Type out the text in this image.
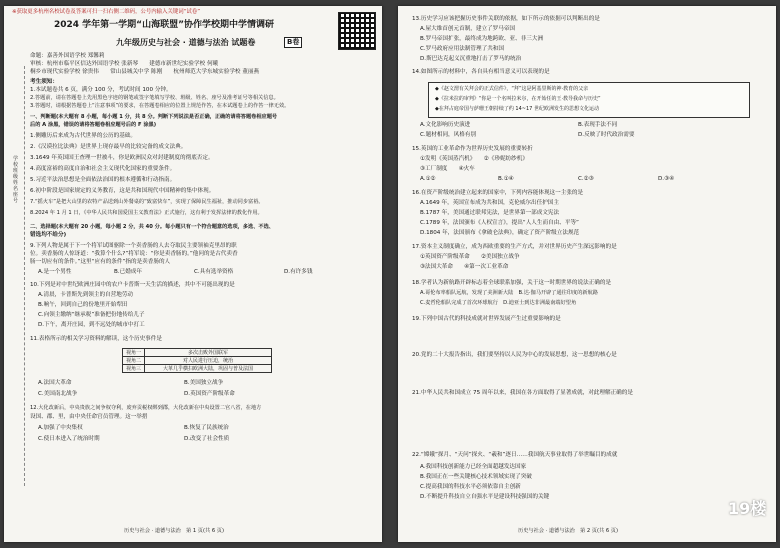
※获取更多杭州名校试卷及答案可扫一扫右侧二维码，公号内输入关键词“试卷”
2024 学年第一学期“山海联盟”协作学校期中学情调研
九年级历史与社会 · 道德与法治 试题卷	B卷
学校班级姓名座号
命题：嘉善外国语学校 郑馨莉
审核：杭州市临平区信达外国语学校 张新琴　　建德市新世纪实验学校 何曦
桐乡市现代实验学校 徐贵伟　　常山县城关中学 陈刚　　杭州师范大学东城实验学校 董丽燕
考生须知：
1.本试题卷共 6 页，满分 100 分，考试时间 100 分钟。
2.答题前，请在答题卷上先用黑色字迹的钢笔或签字笔填写学校、班级、姓名、座号及准考证号等相关信息。
3.答题时，请根据答题卷上“注意事项”的要求，在答题卷相应的位置上规范作答，在本试题卷上的作答一律无效。
一、判断题(本大题有 8 小题，每小题 1 分，共 8 分。判断下列说法是否正确，正确的请将答题卷相应题号
后的 A 涂黑，错误的请将答题卷相应题号后的 F 涂黑)
1.侧雕历后来成为古代世界的公历的基础。
2.《汉谟拉比法典》是世界上现存最早的比较完备的成文法典。
3.1649 年英国国王查理一世被斗，你是欧洲民众对封建制度的彻底否定。
4.高度富裕的高度自治和社会主义现代化国家的重要条件。
5.习近平法治思想是全面依法治国的根本遵循和行动指南。
6.初中阶段是国家规定的义务教育，这是共和国现代中国精神的集中体现。
7.“摇火车”是把大山里的农特产品送到山外餐桌的“致富快车”，实现了保障民生福祉，推动同步富裕。
8.2024 年 1 月 1 日，《中华人民共和国爱国主义教育法》正式施行，这有利于发挥法律的教化作用。
二、选择题(本大题有 20 小题，每小题 2 分，共 40 分。每小题只有一个符合题意的选项，多选、不选、
错选均不给分)
9.下列人物是属于下一个将军试图驱除一个卖香肠的人去夺取民主要领袖克里昂的职
位。卖香肠的人惊讶道：“我算个什么?”将军说：“你是卖香肠的。”他问的是古代卖香
肠一切应有的条件。”这里“应有的条件”指的是卖香肠的人
A.是一个男性	B.已婚成年	C.具有选举资格	D.有许多钱
10.下列是对中世纪欧洲庄园中的农户卡普斯一天生活的描述，其中不可能出现的是
A.清晨，卡普斯先到领主的自营地劳动
B.晌午，回到自己的份地里开始犁田
C.向领主缴纳“继承税”准备把份地传给儿子
D.下午，离开庄园，到不远处的城市中打工
11.表格所示的相关学习资料的解读，这个历史事件是
视角一	多次击败外国联军
视角二	对人民进行压迫，统治
视角三	大革几乎横扫欧洲大陆，巩固与普及法国
A.法国大革命	B.美国独立战争
C.美国南北战争	D.英国资产阶级革命
12.大化改新后，中央贵族之间争权夺利，废弃贡税权绑到郡，大化改新在中央设置二官八省，在地方
设国、郡、里，由中央任命官员管理。这一举措
A.加强了中央集权	B.恢复了民族统治
C.使日本进入了统治时期	D.改变了社会性质
历史与社会 · 道德与法治　第 1 页(共 6 页)
13.历史学习应该把握历史事件关联的依据，如下所示的依据可以判断出的是
A.屋大维首创元首制，建立了罗马帝国
B.罗马帝国扩张，最终成为地跨欧、亚、非三大洲
C.罗马政府应用法制管理了共和国
D.斯巴达克起义沉重地打击了罗马的统治
14.如图所示的材料中，各自具有相当意义可以表现的是
◆《赵文渭有关拜会的正式信件》，“拜”这是阿基里斯的神·教育的父亲
◆《拉米拉的审判》“你是一个名叫拉米尔，在开始任的王·教导我命与历史”
◆在拜占庭帝国与萨珊王朝持续了约 14~17 世纪欧洲发生的思想文化运动
A.文化影响历史演进	B.表现手法不同
C.题材相同，风格有别	D.反映了时代政治需要
15.英国的工业革命作为世界历史发展的重要转折
①发明《英国蒸汽机》　　②《珍妮纺纱机》
③工厂制度　　④火车
A.①②	B.①④	C.②③	D.③④
16.在资产阶级统治建立起来的国家中，下列内容能体现这一主张的是
A.1649 年，英国宣布成为共和国，克伦威尔出任护国主
B.1787 年，美国通过联邦宪法，是世界第一部成文宪法
C.1789 年，法国颁布《人权宣言》，提出“人人生而自由、平等”
D.1804 年，法国颁布《拿破仑法典》，确定了资产阶级立法规范
17.资本主义制度确立，成为西欧重要的生产方式，并对世界历史产生深远影响的是
①英国资产阶级革命　　②美国独立战争
③法国大革命　　④第一次工业革命
18.学者认为新航路开辟标志着全球联系加强，关于这一时期世界的说法正确的是
A.哥伦布率船队远航，发现了美洲新大陆　B.达·伽马开辟了通往印度的新航路
C.麦哲伦船队完成了首次环球航行　D.迪亚士到达非洲最南端好望角
19.下列中国古代的科技成就对世界发展产生过重要影响的是
20.党的二十大报告指出，我们要坚持以人民为中心的发展思想，这一思想的核心是
21.中华人民共和国成立 75 周年以来，我国在各方面取得了显著成就，对此理解正确的是
22.“嫦娥”探月、“天问”探火、“羲和”逐日……我国航天事业取得了举世瞩目的成就
A.我国科技创新能力已经全面超越发达国家
B.我国正在一些关键核心技术领域实现了突破
C.提高我国的科技水平必须依靠自主创新
D.不断提升科技自立自强水平是建设科技强国的关键
历史与社会 · 道德与法治　第 2 页(共 6 页)
19楼
